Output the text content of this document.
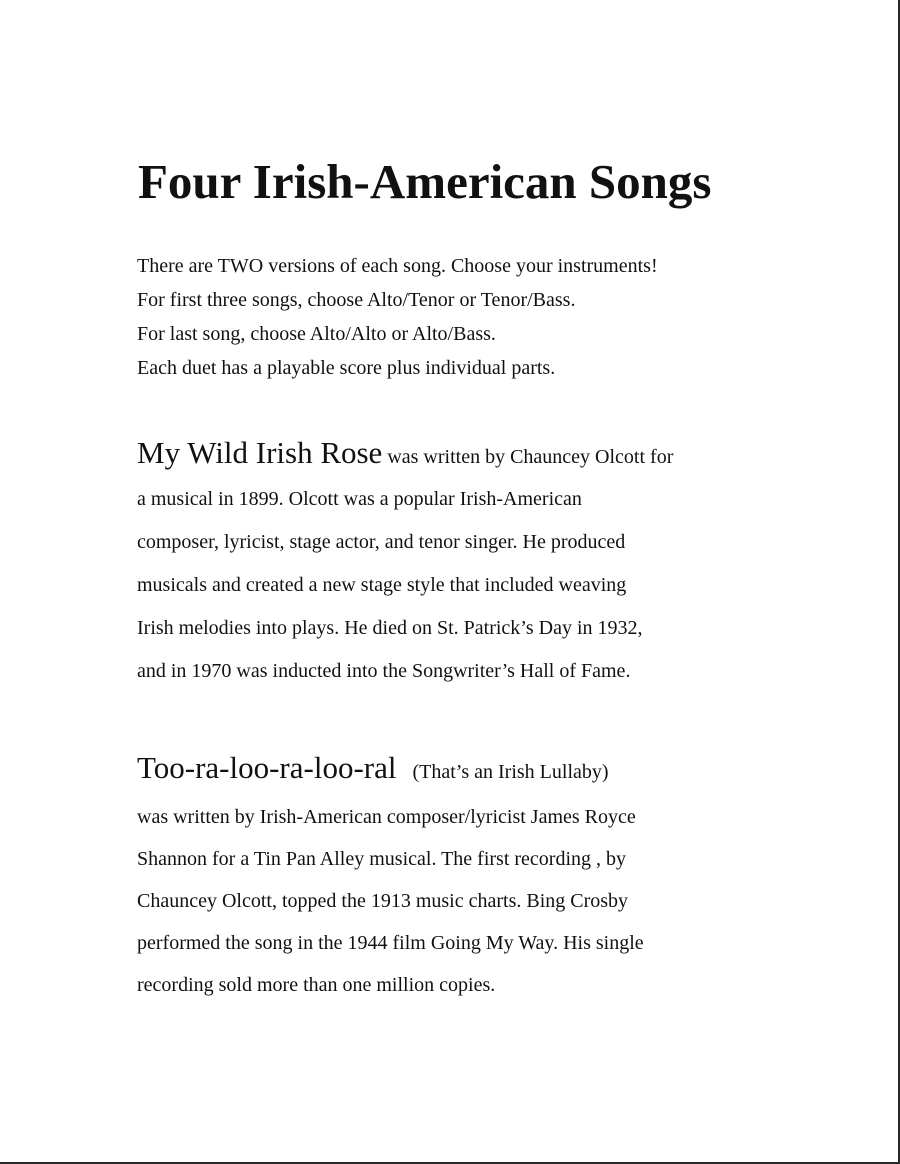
Four Irish-American Songs
There are TWO versions of each song. Choose your instruments!
For first three songs, choose Alto/Tenor or Tenor/Bass.
For last song, choose Alto/Alto or Alto/Bass.
Each duet has a playable score plus individual parts.
My Wild Irish Rose was written by Chauncey Olcott for
a musical in 1899. Olcott was a popular Irish-American
composer, lyricist, stage actor, and tenor singer. He produced
musicals and created a new stage style that included weaving
Irish melodies into plays. He died on St. Patrick’s Day in 1932,
and in 1970 was inducted into the Songwriter’s Hall of Fame.
Too-ra-loo-ra-loo-ral (That’s an Irish Lullaby)
was written by Irish-American composer/lyricist James Royce
Shannon for a Tin Pan Alley musical. The first recording , by
Chauncey Olcott, topped the 1913 music charts. Bing Crosby
performed the song in the 1944 film Going My Way. His single
recording sold more than one million copies.
